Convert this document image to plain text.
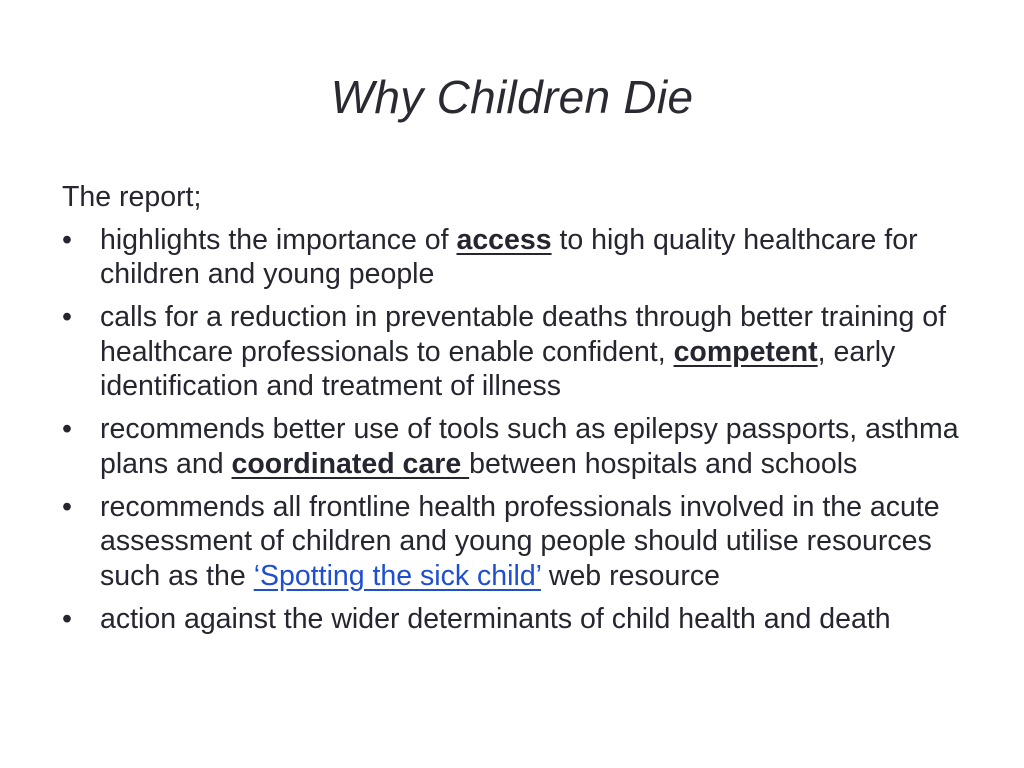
Why Children Die
The report;
• highlights the importance of access to high quality healthcare for children and young people
• calls for a reduction in preventable deaths through better training of healthcare professionals to enable confident, competent, early identification and treatment of illness
• recommends better use of tools such as epilepsy passports, asthma plans and coordinated care between hospitals and schools
• recommends all frontline health professionals involved in the acute assessment of children and young people should utilise resources such as the ‘Spotting the sick child’ web resource
• action against the wider determinants of child health and death
